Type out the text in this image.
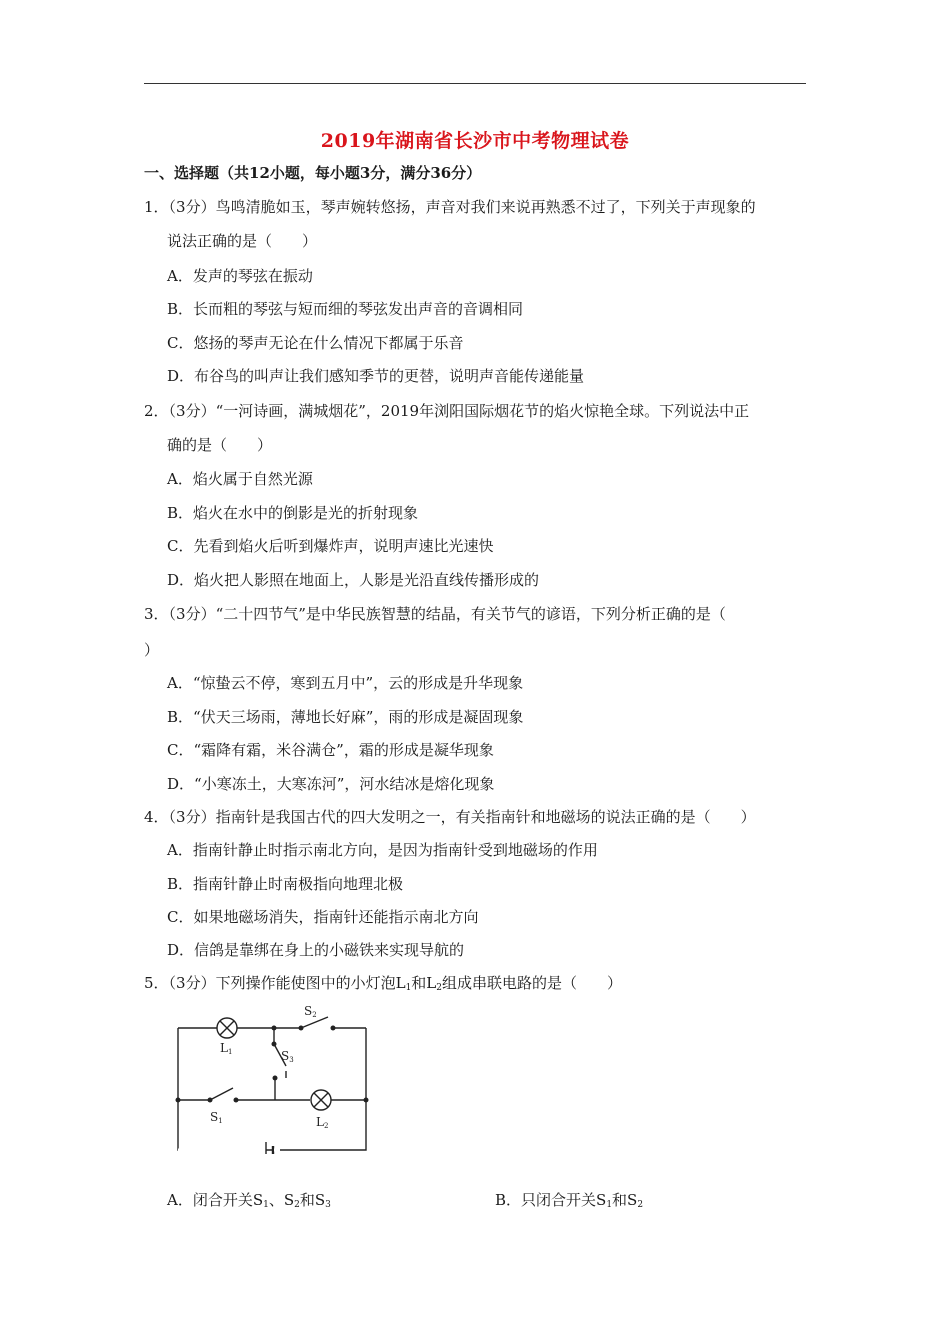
2019年湖南省长沙市中考物理试卷
一、选择题（共12小题，每小题3分，满分36分）
1．（3分）鸟鸣清脆如玉，琴声婉转悠扬，声音对我们来说再熟悉不过了，下列关于声现象的
说法正确的是（　　）
A．发声的琴弦在振动
B．长而粗的琴弦与短而细的琴弦发出声音的音调相同
C．悠扬的琴声无论在什么情况下都属于乐音
D．布谷鸟的叫声让我们感知季节的更替，说明声音能传递能量
2．（3分）“一河诗画，满城烟花”，2019年浏阳国际烟花节的焰火惊艳全球。下列说法中正
确的是（　　）
A．焰火属于自然光源
B．焰火在水中的倒影是光的折射现象
C．先看到焰火后听到爆炸声，说明声速比光速快
D．焰火把人影照在地面上，人影是光沿直线传播形成的
3．（3分）“二十四节气”是中华民族智慧的结晶，有关节气的谚语，下列分析正确的是（
）
A．“惊蛰云不停，寒到五月中”，云的形成是升华现象
B．“伏天三场雨，薄地长好麻”，雨的形成是凝固现象
C．“霜降有霜，米谷满仓”，霜的形成是凝华现象
D．“小寒冻土，大寒冻河”，河水结冰是熔化现象
4．（3分）指南针是我国古代的四大发明之一，有关指南针和地磁场的说法正确的是（　　）
A．指南针静止时指示南北方向，是因为指南针受到地磁场的作用
B．指南针静止时南极指向地理北极
C．如果地磁场消失，指南针还能指示南北方向
D．信鸽是靠绑在身上的小磁铁来实现导航的
5．（3分）下列操作能使图中的小灯泡$L_1$和$L_2$组成串联电路的是（　　）
L1
S2
S3
S1	L2
A．闭合开关$S_1$、$S_2$和$S_3$	B．只闭合开关$S_1$和$S_2$
